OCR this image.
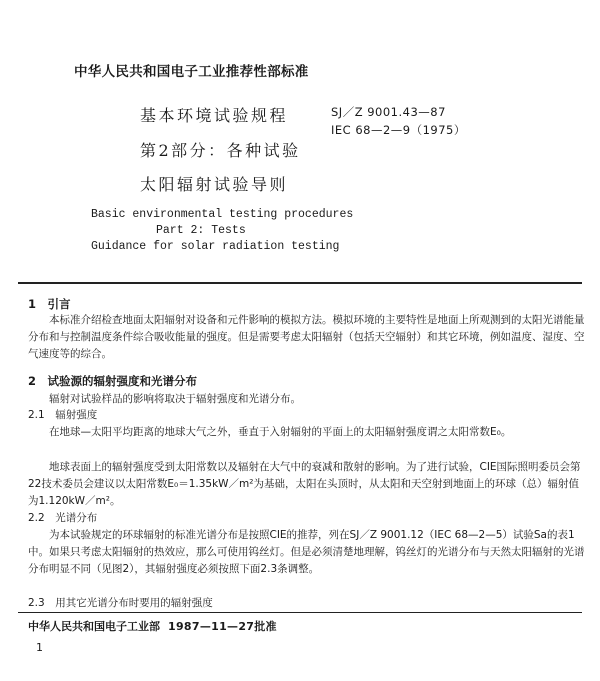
中华人民共和国电子工业推荐性部标准
基本环境试验规程
第2部分：各种试验
太阳辐射试验导则
SJ／Z 9001.43—87
IEC 68—2—9（1975）
Basic environmental testing procedures
Part 2: Tests
Guidance for solar radiation testing
1　引言
本标准介绍检查地面太阳辐射对设备和元件影响的模拟方法。模拟环境的主要特性是地面上所观测到的太阳光谱能量分布和与控制温度条件综合吸收能量的强度。但是需要考虑太阳辐射（包括天空辐射）和其它环境，例如温度、湿度、空气速度等的综合。
2　试验源的辐射强度和光谱分布
辐射对试验样品的影响将取决于辐射强度和光谱分布。
2.1　辐射强度
在地球—太阳平均距离的地球大气之外，垂直于入射辐射的平面上的太阳辐射强度谓之太阳常数E₀。
地球表面上的辐射强度受到太阳常数以及辐射在大气中的衰减和散射的影响。为了进行试验，CIE国际照明委员会第22技术委员会建议以太阳常数E₀＝1.35kW／m²为基础，太阳在头顶时，从太阳和天空射到地面上的环球（总）辐射值为1.120kW／m²。
2.2　光谱分布
为本试验规定的环球辐射的标准光谱分布是按照CIE的推荐，列在SJ／Z 9001.12（IEC 68—2—5）试验Sa的表1中。如果只考虑太阳辐射的热效应，那么可使用钨丝灯。但是必须清楚地理解，钨丝灯的光谱分布与天然太阳辐射的光谱分布明显不同（见图2），其辐射强度必须按照下面2.3条调整。
2.3　用其它光谱分布时要用的辐射强度
中华人民共和国电子工业部 1987—11—27批准
1
